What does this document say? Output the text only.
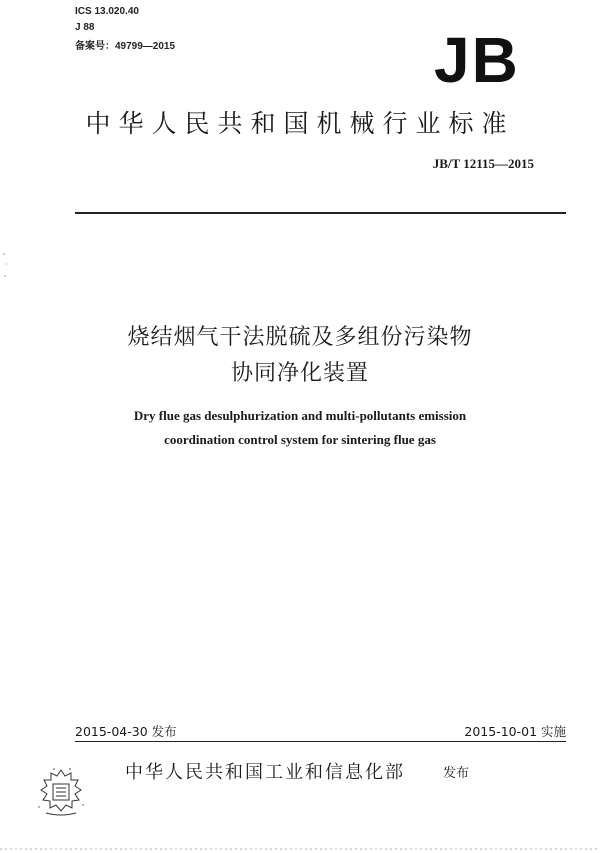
ICS 13.020.40
J 88
备案号：49799—2015	JB
中华人民共和国机械行业标准
JB/T 12115—2015
烧结烟气干法脱硫及多组份污染物
协同净化装置
Dry flue gas desulphurization and multi-pollutants emission
coordination control system for sintering flue gas
2015-04-30 发布	2015-10-01 实施
中华人民共和国工业和信息化部	发布
